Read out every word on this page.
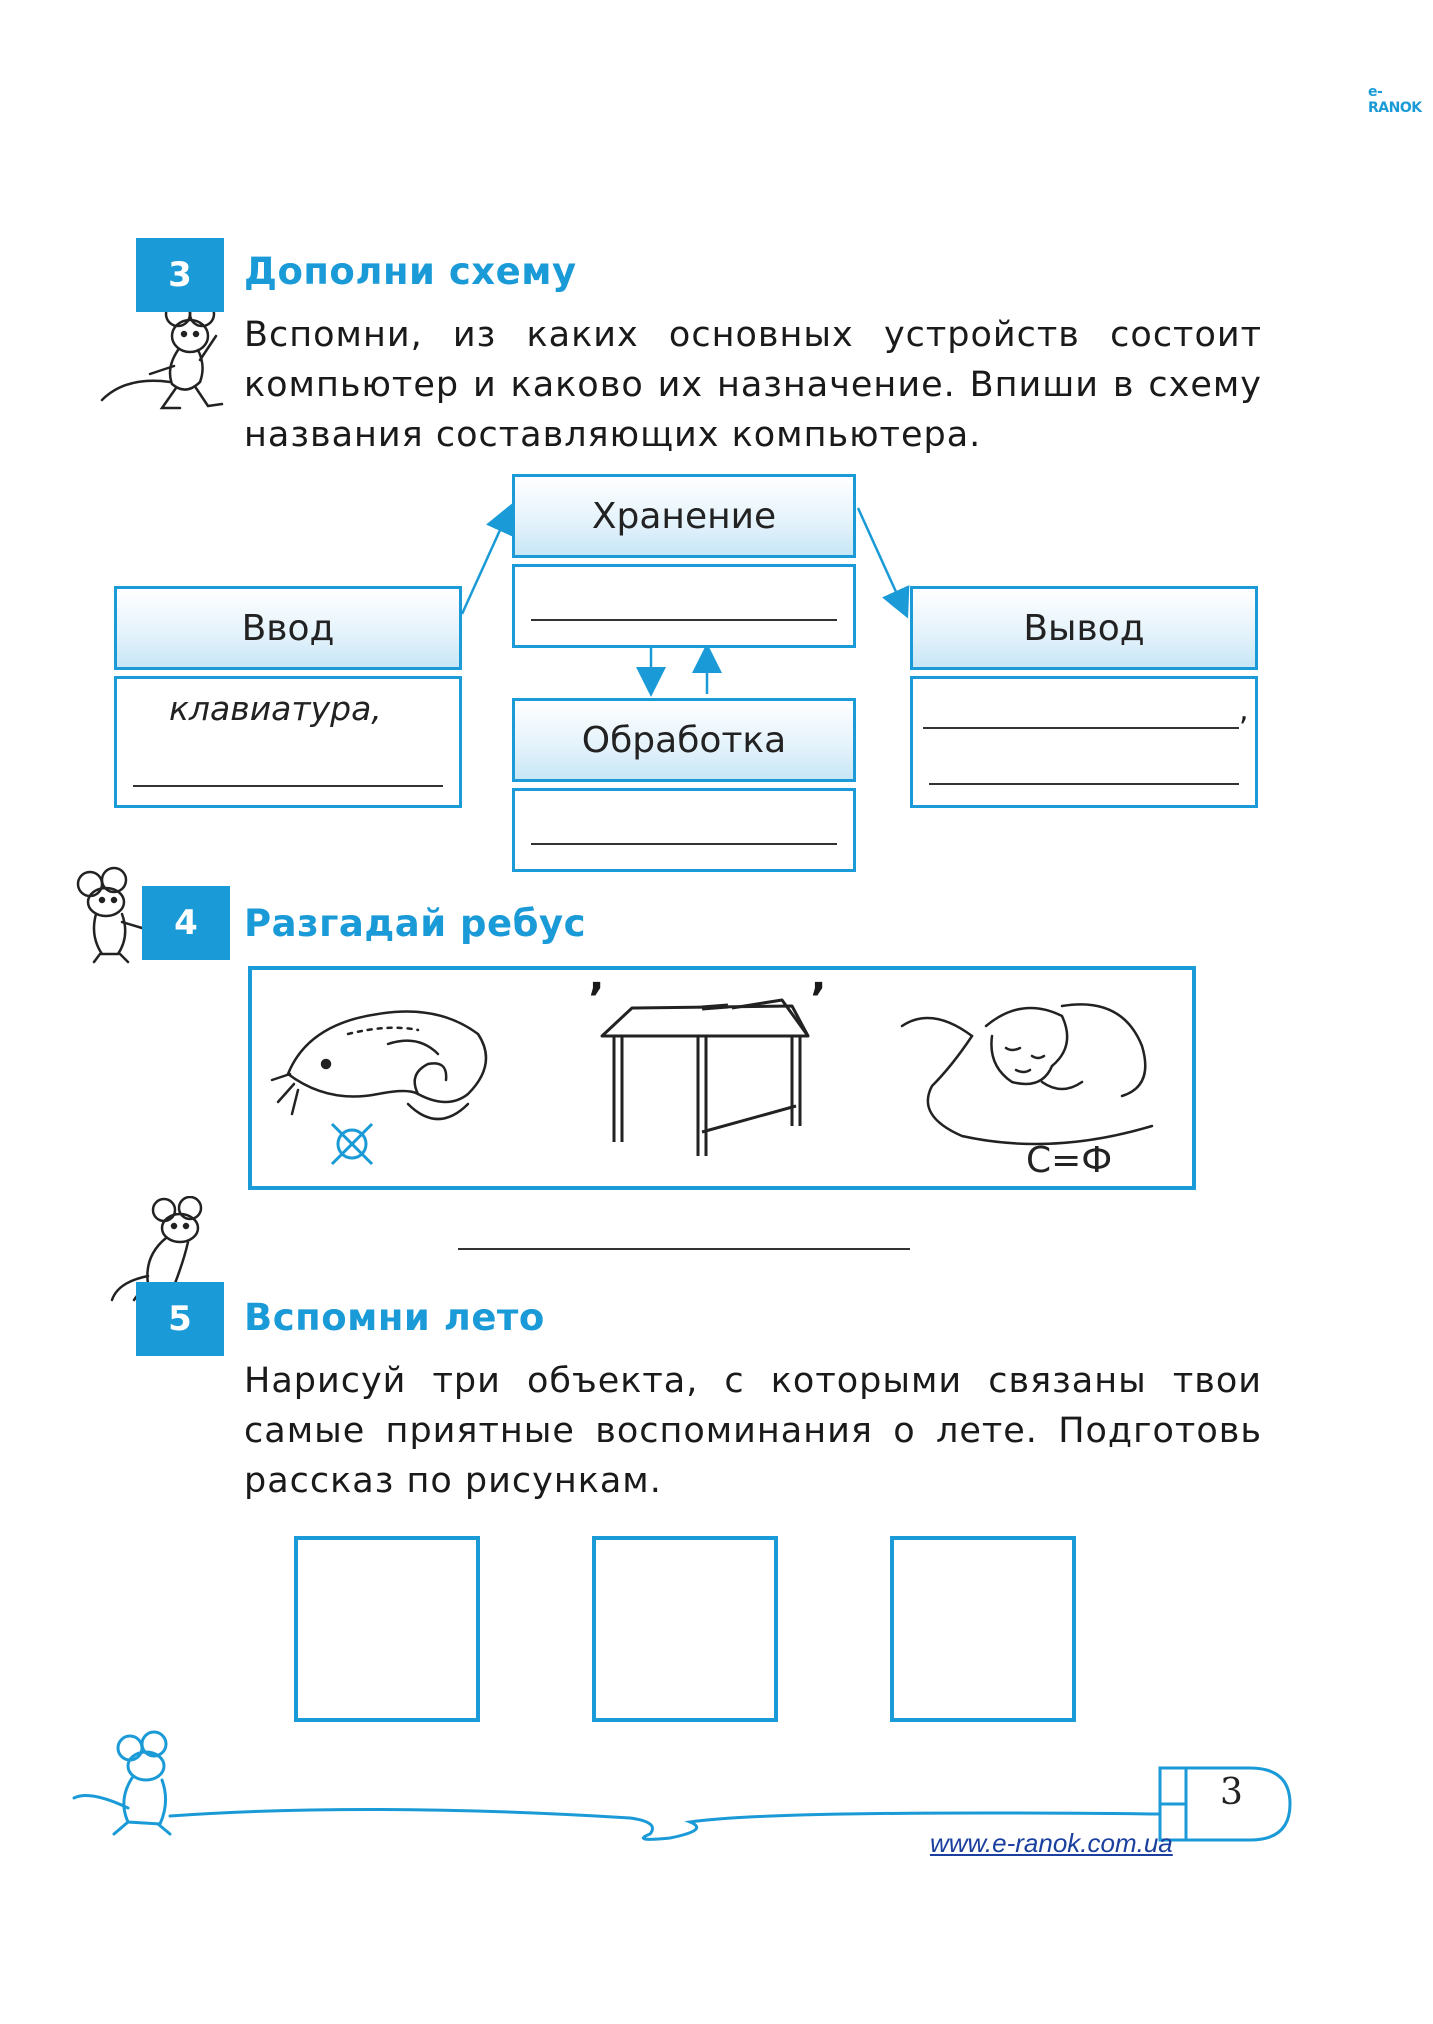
e-RANOK
3	Дополни схему

Вспомни, из каких основных устройств состоит компьютер и каково их назначение. Впиши в схему названия составляющих компьютера.

Хранение
Ввод
клавиатура,
Вывод
,
Обработка
4	Разгадай ребус
’	’
С=Ф
5	Вспомни лето

Нарисуй три объекта, с которыми связаны твои самые приятные воспоминания о лете. Подготовь рассказ по рисункам.

3
www.e-ranok.com.ua
